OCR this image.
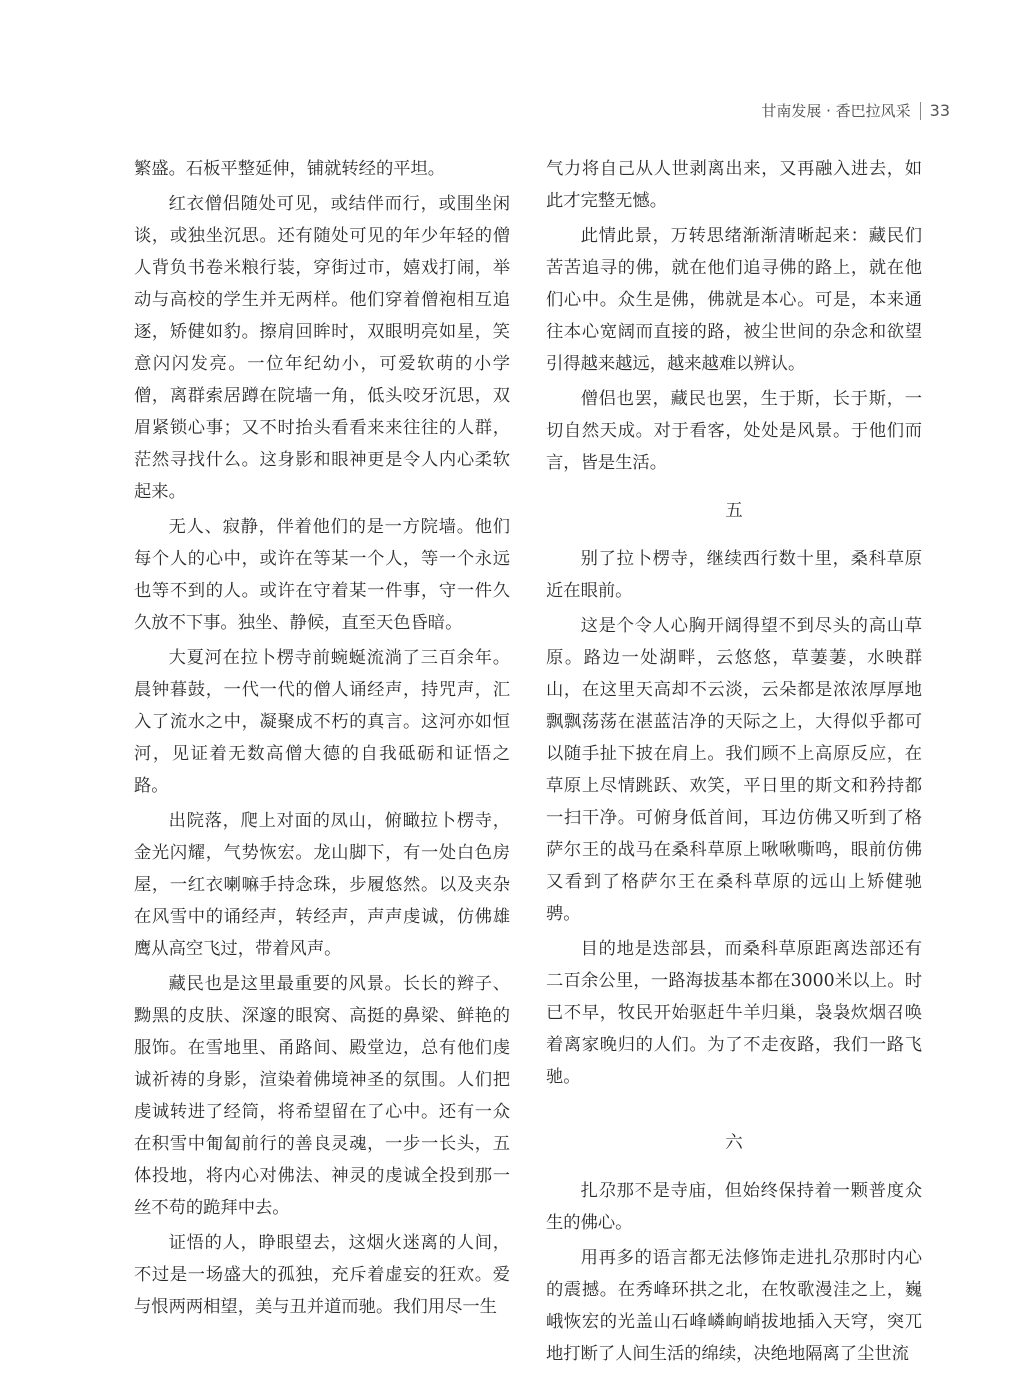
甘南发展 · 香巴拉风采 33

繁盛。石板平整延伸，铺就转经的平坦。

红衣僧侣随处可见，或结伴而行，或围坐闲谈，或独坐沉思。还有随处可见的年少年轻的僧人背负书卷米粮行装，穿街过市，嬉戏打闹，举动与高校的学生并无两样。他们穿着僧袍相互追逐，矫健如豹。擦肩回眸时，双眼明亮如星，笑意闪闪发亮。一位年纪幼小，可爱软萌的小学僧，离群索居蹲在院墙一角，低头咬牙沉思，双眉紧锁心事；又不时抬头看看来来往往的人群，茫然寻找什么。这身影和眼神更是令人内心柔软起来。

无人、寂静，伴着他们的是一方院墙。他们每个人的心中，或许在等某一个人，等一个永远也等不到的人。或许在守着某一件事，守一件久久放不下事。独坐、静候，直至天色昏暗。

大夏河在拉卜楞寺前蜿蜒流淌了三百余年。晨钟暮鼓，一代一代的僧人诵经声，持咒声，汇入了流水之中，凝聚成不朽的真言。这河亦如恒河，见证着无数高僧大德的自我砥砺和证悟之路。

出院落，爬上对面的凤山，俯瞰拉卜楞寺，金光闪耀，气势恢宏。龙山脚下，有一处白色房屋，一红衣喇嘛手持念珠，步履悠然。以及夹杂在风雪中的诵经声，转经声，声声虔诚，仿佛雄鹰从高空飞过，带着风声。

藏民也是这里最重要的风景。长长的辫子、黝黑的皮肤、深邃的眼窝、高挺的鼻梁、鲜艳的服饰。在雪地里、甬路间、殿堂边，总有他们虔诚祈祷的身影，渲染着佛境神圣的氛围。人们把虔诚转进了经筒，将希望留在了心中。还有一众在积雪中匍匐前行的善良灵魂，一步一长头，五体投地，将内心对佛法、神灵的虔诚全投到那一丝不苟的跪拜中去。

证悟的人，睁眼望去，这烟火迷离的人间，不过是一场盛大的孤独，充斥着虚妄的狂欢。爱与恨两两相望，美与丑并道而驰。我们用尽一生

气力将自己从人世剥离出来，又再融入进去，如此才完整无憾。

此情此景，万转思绪渐渐清晰起来：藏民们苦苦追寻的佛，就在他们追寻佛的路上，就在他们心中。众生是佛，佛就是本心。可是，本来通往本心宽阔而直接的路，被尘世间的杂念和欲望引得越来越远，越来越难以辨认。

僧侣也罢，藏民也罢，生于斯，长于斯，一切自然天成。对于看客，处处是风景。于他们而言，皆是生活。

五

别了拉卜楞寺，继续西行数十里，桑科草原近在眼前。

这是个令人心胸开阔得望不到尽头的高山草原。路边一处湖畔，云悠悠，草萋萋，水映群山，在这里天高却不云淡，云朵都是浓浓厚厚地飘飘荡荡在湛蓝洁净的天际之上，大得似乎都可以随手扯下披在肩上。我们顾不上高原反应，在草原上尽情跳跃、欢笑，平日里的斯文和矜持都一扫干净。可俯身低首间，耳边仿佛又听到了格萨尔王的战马在桑科草原上啾啾嘶鸣，眼前仿佛又看到了格萨尔王在桑科草原的远山上矫健驰骋。

目的地是迭部县，而桑科草原距离迭部还有二百余公里，一路海拔基本都在3000米以上。时已不早，牧民开始驱赶牛羊归巢，袅袅炊烟召唤着离家晚归的人们。为了不走夜路，我们一路飞驰。

六

扎尕那不是寺庙，但始终保持着一颗普度众生的佛心。

用再多的语言都无法修饰走进扎尕那时内心的震撼。在秀峰环拱之北，在牧歌漫洼之上，巍峨恢宏的光盖山石峰嶙峋峭拔地插入天穹，突兀地打断了人间生活的绵续，决绝地隔离了尘世流
